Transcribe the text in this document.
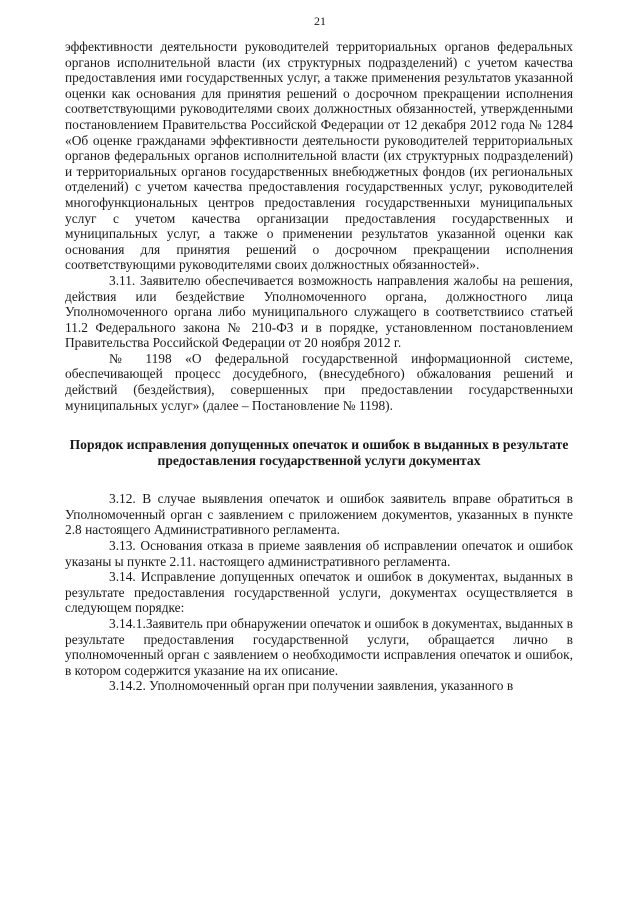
21

эффективности деятельности руководителей территориальных органов федеральных органов исполнительной власти (их структурных подразделений) с учетом качества предоставления ими государственных услуг, а также применения результатов указанной оценки как основания для принятия решений о досрочном прекращении исполнения соответствующими руководителями своих должностных обязанностей, утвержденными постановлением Правительства Российской Федерации от 12 декабря 2012 года № 1284 «Об оценке гражданами эффективности деятельности руководителей территориальных органов федеральных органов исполнительной власти (их структурных подразделений) и территориальных органов государственных внебюджетных фондов (их региональных отделений) с учетом качества предоставления государственных услуг, руководителей многофункциональных центров предоставления государственныхи муниципальных услуг с учетом качества организации предоставления государственных и муниципальных услуг, а также о применении результатов указанной оценки как основания для принятия решений о досрочном прекращении исполнения соответствующими руководителями своих должностных обязанностей».

3.11. Заявителю обеспечивается возможность направления жалобы на решения, действия или бездействие Уполномоченного органа, должностного лица Уполномоченного органа либо муниципального служащего в соответствиисо статьей 11.2 Федерального закона № 210-ФЗ и в порядке, установленном постановлением Правительства Российской Федерации от 20 ноября 2012 г.

№ 1198 «О федеральной государственной информационной системе, обеспечивающей процесс досудебного, (внесудебного) обжалования решений и действий (бездействия), совершенных при предоставлении государственныхи муниципальных услуг» (далее – Постановление № 1198).

Порядок исправления допущенных опечаток и ошибок в выданных в результате предоставления государственной услуги документах

3.12. В случае выявления опечаток и ошибок заявитель вправе обратиться в Уполномоченный орган с заявлением с приложением документов, указанных в пункте 2.8 настоящего Административного регламента.

3.13. Основания отказа в приеме заявления об исправлении опечаток и ошибок указаны ы пункте 2.11. настоящего административного регламента.

3.14. Исправление допущенных опечаток и ошибок в документах, выданных в результате предоставления государственной услуги, документах осуществляется в следующем порядке:

3.14.1.Заявитель при обнаружении опечаток и ошибок в документах, выданных в результате предоставления государственной услуги, обращается лично в уполномоченный орган с заявлением о необходимости исправления опечаток и ошибок, в котором содержится указание на их описание.

3.14.2. Уполномоченный орган при получении заявления, указанного в
